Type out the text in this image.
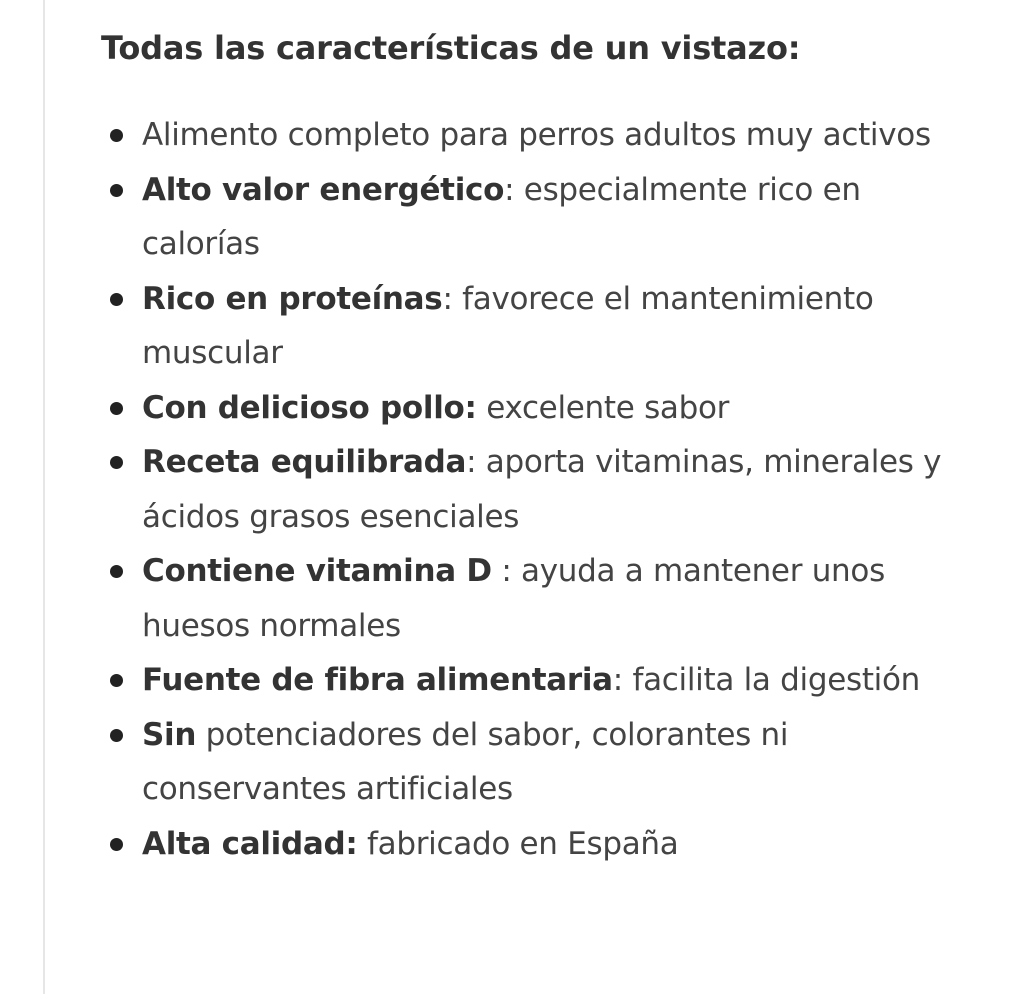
Todas las características de un vistazo:
Alimento completo para perros adultos muy activos
Alto valor energético: especialmente rico en calorías
Rico en proteínas: favorece el mantenimiento muscular
Con delicioso pollo: excelente sabor
Receta equilibrada: aporta vitaminas, minerales y ácidos grasos esenciales
Contiene vitamina D : ayuda a mantener unos huesos normales
Fuente de fibra alimentaria: facilita la digestión
Sin potenciadores del sabor, colorantes ni conservantes artificiales
Alta calidad: fabricado en España
